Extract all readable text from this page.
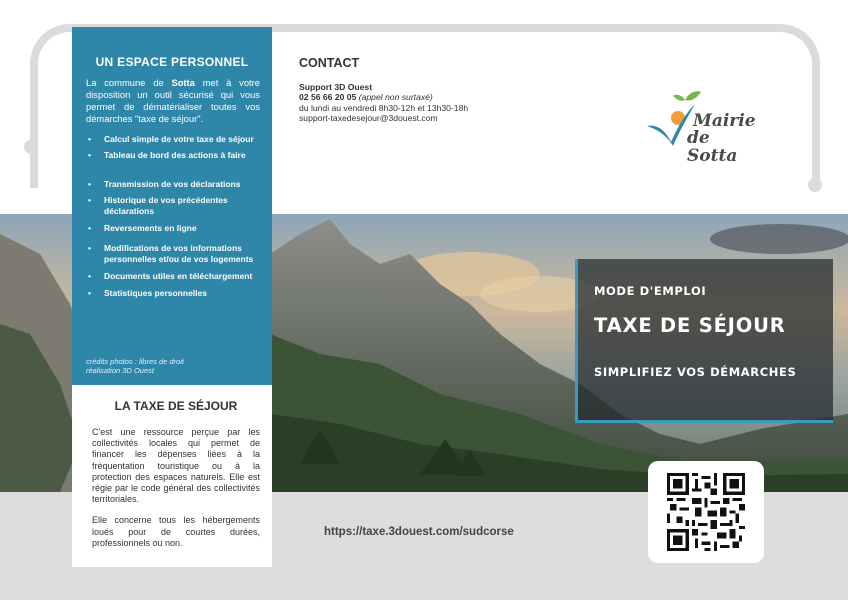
UN ESPACE PERSONNEL

La commune de Sotta met à votre disposition un outil sécurisé qui vous permet de dématérialiser toutes vos démarches "taxe de séjour".

• Calcul simple de votre taxe de séjour
• Tableau de bord des actions à faire
• Transmission de vos déclarations
• Historique de vos précédentes déclarations
• Reversements en ligne
• Modifications de vos informations personnelles et/ou de vos logements
• Documents utiles en téléchargement
• Statistiques personnelles
crédits photos : libres de droit
réalisation 3D Ouest
LA TAXE DE SÉJOUR

C'est une ressource perçue par les collectivités locales qui permet de financer les dépenses liées à la fréquentation touristique ou à la protection des espaces naturels. Elle est régie par le code général des collectivités territoriales.

Elle concerne tous les hébergements loués pour de courtes durées, professionnels ou non.

CONTACT
Support 3D Ouest
02 56 66 20 05 (appel non surtaxé)
du lundi au vendredi 8h30-12h et 13h30-18h
support-taxedesejour@3douest.com	Mairie
de Sotta
MODE D'EMPLOI
TAXE DE SÉJOUR
SIMPLIFIEZ VOS DÉMARCHES
https://taxe.3douest.com/sudcorse
